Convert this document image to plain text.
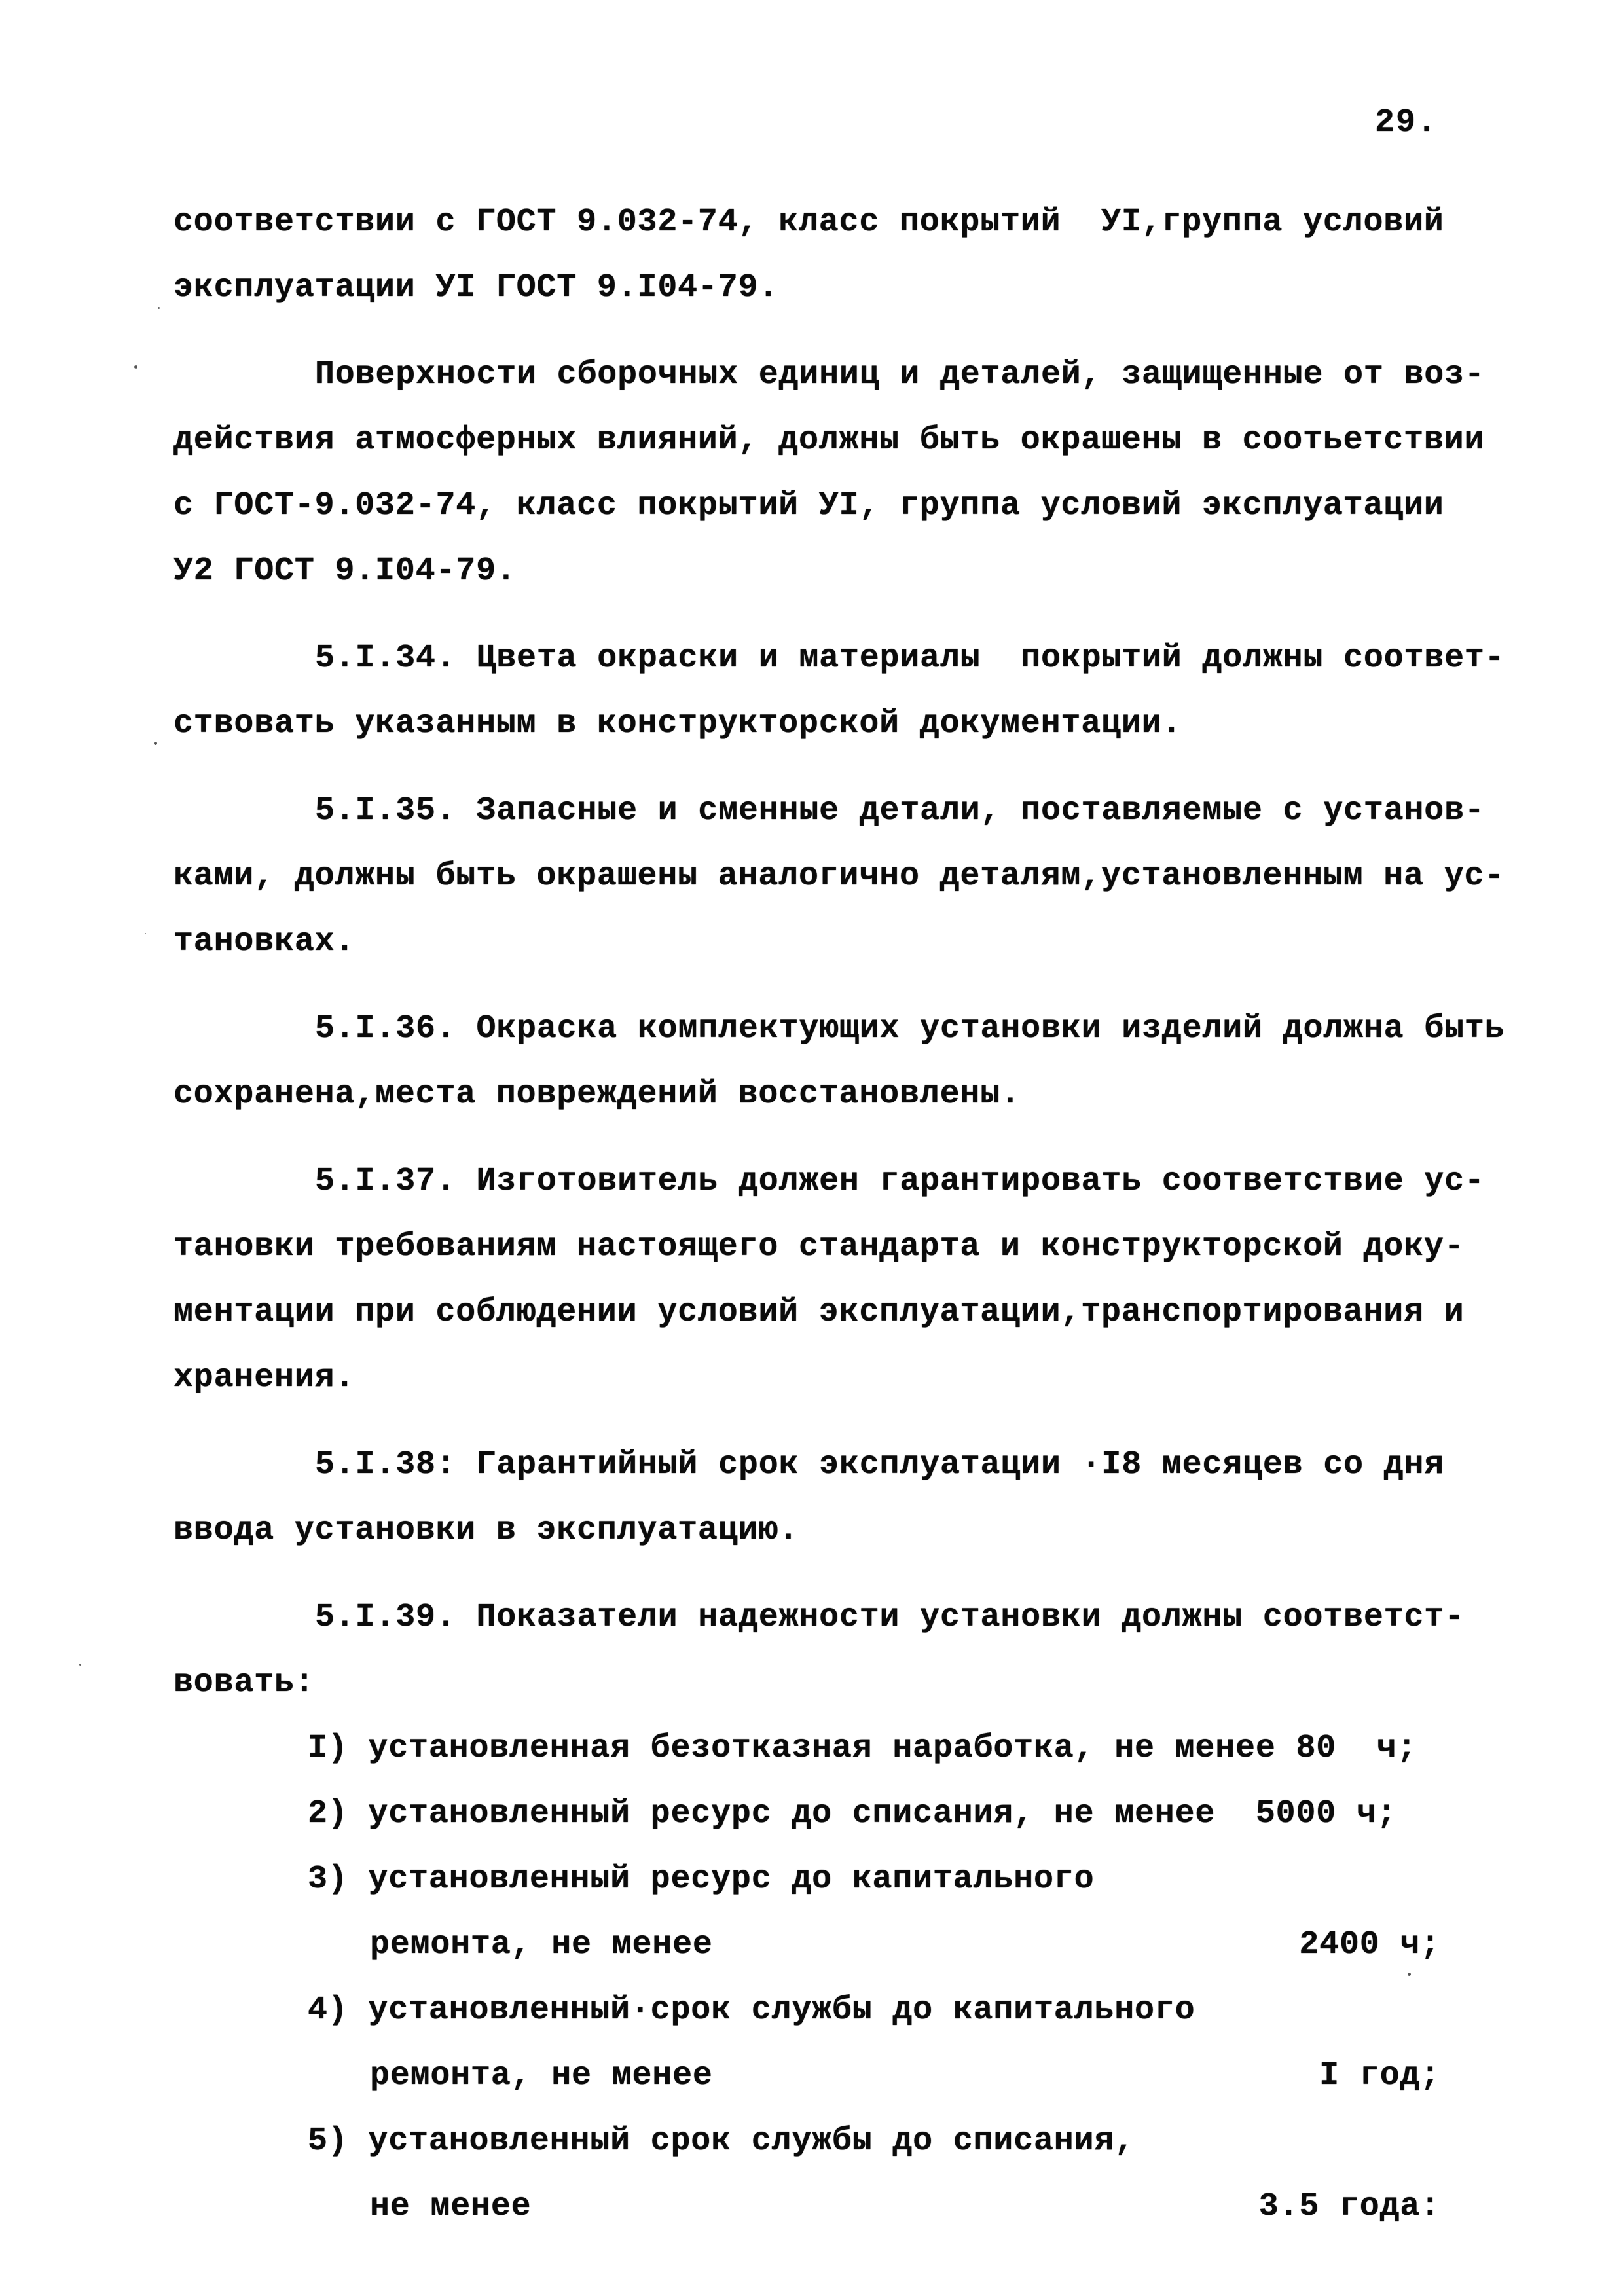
29.
соответствии с ГОСТ 9.032-74, класс покрытий  УІ,группа условий
эксплуатации УІ ГОСТ 9.І04-79.
Поверхности сборочных единиц и деталей, защищенные от воз-
действия атмосферных влияний, должны быть окрашены в соотьетствии
с ГОСТ-9.032-74, класс покрытий УІ, группа условий эксплуатации
У2 ГОСТ 9.І04-79.
5.І.34. Цвета окраски и материалы  покрытий должны соответ-
ствовать указанным в конструкторской документации.
5.І.35. Запасные и сменные детали, поставляемые с установ-
ками, должны быть окрашены аналогично деталям,установленным на ус-
тановках.
5.І.36. Окраска комплектующих установки изделий должна быть
сохранена,места повреждений восстановлены.
5.І.37. Изготовитель должен гарантировать соответствие ус-
тановки требованиям настоящего стандарта и конструкторской доку-
ментации при соблюдении условий эксплуатации,транспортирования и
хранения.
5.І.38: Гарантийный срок эксплуатации ·І8 месяцев со дня
ввода установки в эксплуатацию.
5.І.39. Показатели надежности установки должны соответст-
вовать:
І) установленная безотказная наработка, не менее 80  ч;
2) установленный ресурс до списания, не менее  5000 ч;
3) установленный ресурс до капитального
ремонта, не менее	2400 ч;
4) установленный·срок службы до капитального
ремонта, не менее	І год;
5) установленный срок службы до списания,
не менее	3.5 года:
